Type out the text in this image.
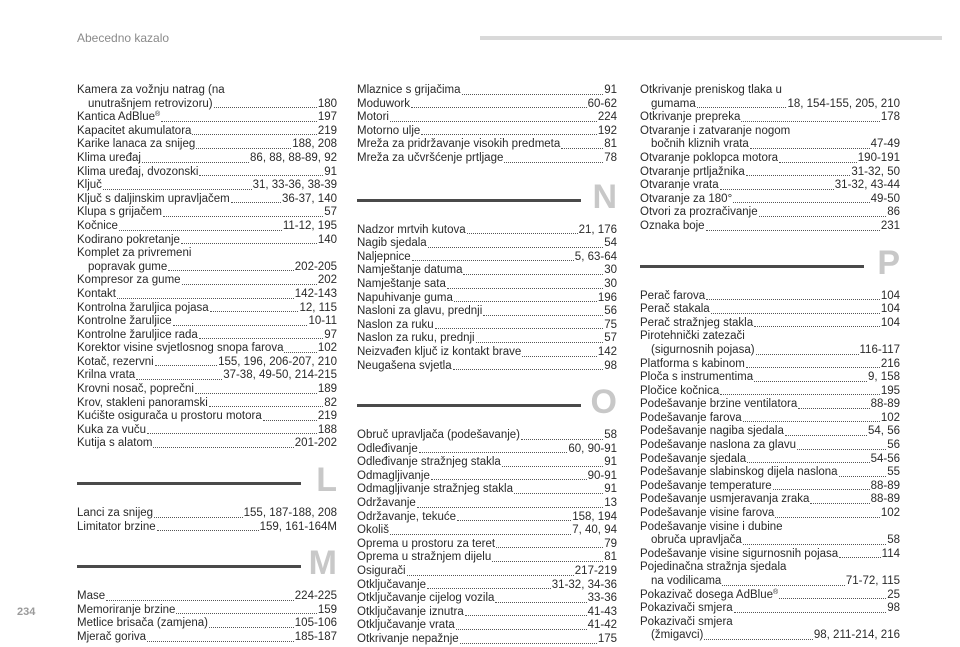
Abecedno kazalo
Kamera za vožnju natrag (na
unutrašnjem retrovizoru)	180
Kantica AdBlue®	197
Kapacitet akumulatora	219
Karike lanaca za snijeg	188, 208
Klima uređaj	86, 88, 88-89, 92
Klima uređaj, dvozonski	91
Ključ	31, 33-36, 38-39
Ključ s daljinskim upravljačem	36-37, 140
Klupa s grijačem	57
Kočnice	11-12, 195
Kodirano pokretanje	140
Komplet za privremeni
popravak gume	202-205
Kompresor za gume	202
Kontakt	142-143
Kontrolna žaruljica pojasa	12, 115
Kontrolne žaruljice	10-11
Kontrolne žaruljice rada	97
Korektor visine svjetlosnog snopa farova	102
Kotač, rezervni	155, 196, 206-207, 210
Krilna vrata	37-38, 49-50, 214-215
Krovni nosač, poprečni	189
Krov, stakleni panoramski	82
Kućište osigurača u prostoru motora	219
Kuka za vuču	188
Kutija s alatom	201-202
L
Lanci za snijeg	155, 187-188, 208
Limitator brzine	159, 161-164M
M
Mase	224-225
Memoriranje brzine	159
Metlice brisača (zamjena)	105-106
Mjerač goriva	185-187
Mlaznice s grijačima	91
Moduwork	60-62
Motori	224
Motorno ulje	192
Mreža za pridržavanje visokih predmeta	81
Mreža za učvršćenje prtljage	78
N
Nadzor mrtvih kutova	21, 176
Nagib sjedala	54
Naljepnice	5, 63-64
Namještanje datuma	30
Namještanje sata	30
Napuhivanje guma	196
Nasloni za glavu, prednji	56
Naslon za ruku	75
Naslon za ruku, prednji	57
Neizvađen ključ iz kontakt brave	142
Neugašena svjetla	98
O
Obruč upravljača (podešavanje)	58
Odleđivanje	60, 90-91
Odleđivanje stražnjeg stakla	91
Odmagljivanje	90-91
Odmagljivanje stražnjeg stakla	91
Održavanje	13
Održavanje, tekuće	158, 194
Okoliš	7, 40, 94
Oprema u prostoru za teret	79
Oprema u stražnjem dijelu	81
Osigurači	217-219
Otključavanje	31-32, 34-36
Otključavanje cijelog vozila	33-36
Otključavanje iznutra	41-43
Otključavanje vrata	41-42
Otkrivanje nepažnje	175
Otkrivanje preniskog tlaka u
gumama	18, 154-155, 205, 210
Otkrivanje prepreka	178
Otvaranje i zatvaranje nogom
bočnih kliznih vrata	47-49
Otvaranje poklopca motora	190-191
Otvaranje prtljažnika	31-32, 50
Otvaranje vrata	31-32, 43-44
Otvaranje za 180°	49-50
Otvori za prozračivanje	86
Oznaka boje	231
P
Perač farova	104
Perač stakala	104
Perač stražnjeg stakla	104
Pirotehnički zatezači
(sigurnosnih pojasa)	116-117
Platforma s kabinom	216
Ploča s instrumentima	9, 158
Pločice kočnica	195
Podešavanje brzine ventilatora	88-89
Podešavanje farova	102
Podešavanje nagiba sjedala	54, 56
Podešavanje naslona za glavu	56
Podešavanje sjedala	54-56
Podešavanje slabinskog dijela naslona	55
Podešavanje temperature	88-89
Podešavanje usmjeravanja zraka	88-89
Podešavanje visine farova	102
Podešavanje visine i dubine
obruča upravljača	58
Podešavanje visine sigurnosnih pojasa	114
Pojedinačna stražnja sjedala
na vodilicama	71-72, 115
Pokazivač dosega AdBlue®	25
Pokazivači smjera	98
Pokazivači smjera
(žmigavci)	98, 211-214, 216
234
